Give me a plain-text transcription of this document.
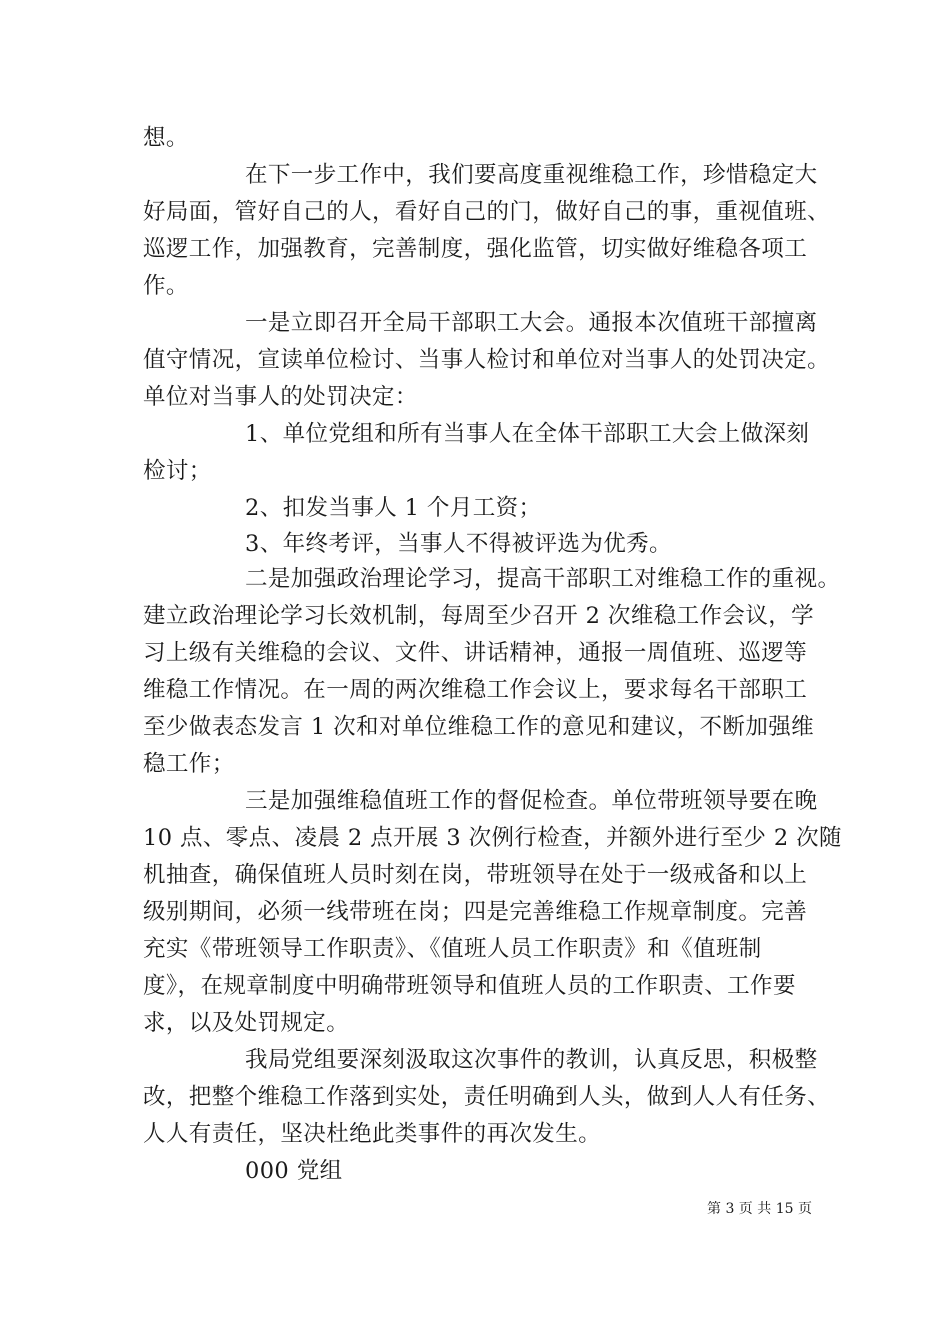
想。
在下一步工作中，我们要高度重视维稳工作，珍惜稳定大
好局面，管好自己的人，看好自己的门，做好自己的事，重视值班、
巡逻工作，加强教育，完善制度，强化监管，切实做好维稳各项工
作。
一是立即召开全局干部职工大会。通报本次值班干部擅离
值守情况，宣读单位检讨、当事人检讨和单位对当事人的处罚决定。
单位对当事人的处罚决定：
1、单位党组和所有当事人在全体干部职工大会上做深刻
检讨；
2、扣发当事人 1 个月工资；
3、年终考评，当事人不得被评选为优秀。
二是加强政治理论学习，提高干部职工对维稳工作的重视。
建立政治理论学习长效机制，每周至少召开 2 次维稳工作会议，学
习上级有关维稳的会议、文件、讲话精神，通报一周值班、巡逻等
维稳工作情况。在一周的两次维稳工作会议上，要求每名干部职工
至少做表态发言 1 次和对单位维稳工作的意见和建议，不断加强维
稳工作；
三是加强维稳值班工作的督促检查。单位带班领导要在晚
10 点、零点、凌晨 2 点开展 3 次例行检查，并额外进行至少 2 次随
机抽查，确保值班人员时刻在岗，带班领导在处于一级戒备和以上
级别期间，必须一线带班在岗；四是完善维稳工作规章制度。完善
充实《带班领导工作职责》、《值班人员工作职责》和《值班制
度》，在规章制度中明确带班领导和值班人员的工作职责、工作要
求，以及处罚规定。
我局党组要深刻汲取这次事件的教训，认真反思，积极整
改，把整个维稳工作落到实处，责任明确到人头，做到人人有任务、
人人有责任，坚决杜绝此类事件的再次发生。
000 党组
第 3 页 共 15 页
